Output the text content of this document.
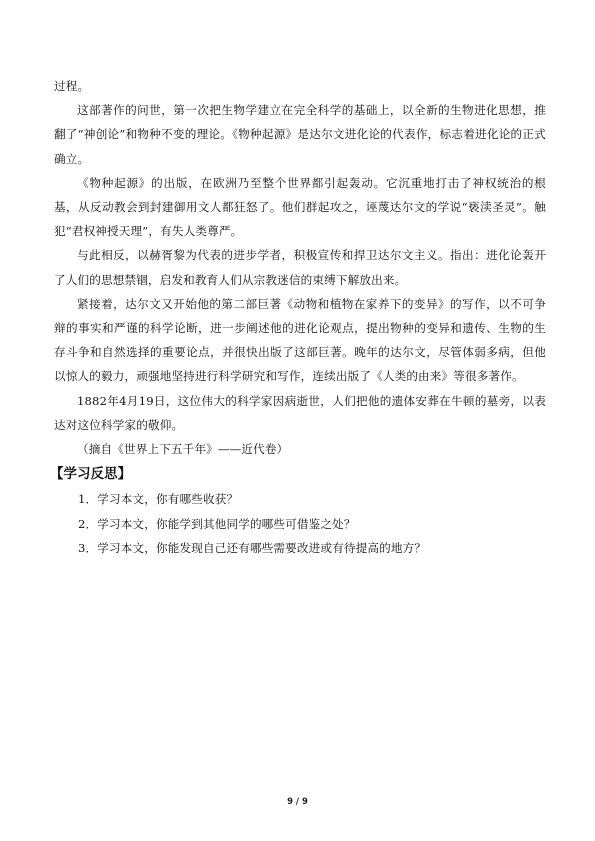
过程。

这部著作的问世，第一次把生物学建立在完全科学的基础上，以全新的生物进化思想，推翻了“神创论”和物种不变的理论。《物种起源》是达尔文进化论的代表作，标志着进化论的正式确立。

《物种起源》的出版，在欧洲乃至整个世界都引起轰动。它沉重地打击了神权统治的根基，从反动教会到封建御用文人都狂怒了。他们群起攻之，诬蔑达尔文的学说“亵渎圣灵”。触犯“君权神授天理”，有失人类尊严。

与此相反，以赫胥黎为代表的进步学者，积极宣传和捍卫达尔文主义。指出：进化论轰开了人们的思想禁锢，启发和教育人们从宗教迷信的束缚下解放出来。

紧接着，达尔文又开始他的第二部巨著《动物和植物在家养下的变异》的写作，以不可争辩的事实和严谨的科学论断，进一步阐述他的进化论观点，提出物种的变异和遗传、生物的生存斗争和自然选择的重要论点，并很快出版了这部巨著。晚年的达尔文，尽管体弱多病，但他以惊人的毅力，顽强地坚持进行科学研究和写作，连续出版了《人类的由来》等很多著作。

1882年4月19日，这位伟大的科学家因病逝世，人们把他的遗体安葬在牛顿的墓旁，以表达对这位科学家的敬仰。

（摘自《世界上下五千年》——近代卷）

【学习反思】
1．学习本文，你有哪些收获？
2．学习本文，你能学到其他同学的哪些可借鉴之处？
3．学习本文，你能发现自己还有哪些需要改进或有待提高的地方？
9 / 9
